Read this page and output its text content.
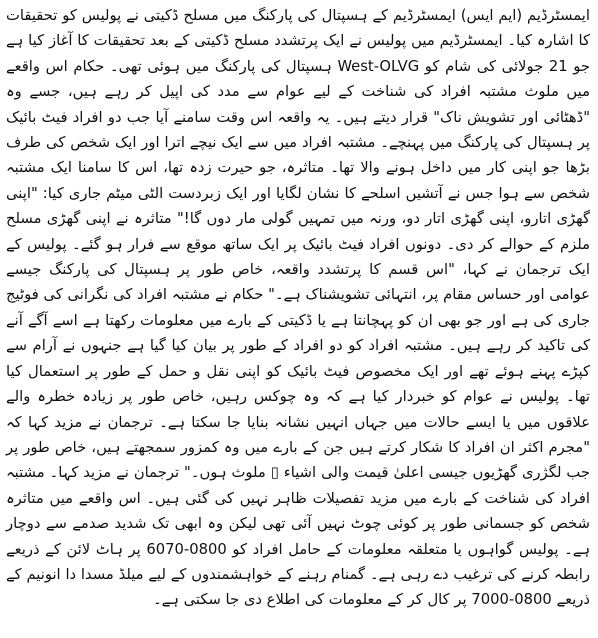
ایمسٹرڈیم (ایم ایس) ایمسٹرڈیم کے ہسپتال کی پارکنگ میں مسلح ڈکیتی نے پولیس کو تحقیقات کا اشارہ کیا۔ ایمسٹرڈیم میں پولیس نے ایک پرتشدد مسلح ڈکیتی کے بعد تحقیقات کا آغاز کیا ہے جو 21 جولائی کی شام کو West-OLVG ہسپتال کی پارکنگ میں ہوئی تھی۔ حکام اس واقعے میں ملوث مشتبہ افراد کی شناخت کے لیے عوام سے مدد کی اپیل کر رہے ہیں، جسے وہ "ڈھٹائی اور تشویش ناک" قرار دیتے ہیں۔ یہ واقعہ اس وقت سامنے آیا جب دو افراد فیٹ بائیک پر ہسپتال کی پارکنگ میں پہنچے۔ مشتبہ افراد میں سے ایک نیچے اترا اور ایک شخص کی طرف بڑھا جو اپنی کار میں داخل ہونے والا تھا۔ متاثرہ، جو حیرت زدہ تھا، اس کا سامنا ایک مشتبہ شخص سے ہوا جس نے آتشیں اسلحے کا نشان لگایا اور ایک زبردست الٹی میٹم جاری کیا: "اپنی گھڑی اتارو، اپنی گھڑی اتار دو، ورنہ میں تمہیں گولی مار دوں گا!" متاثرہ نے اپنی گھڑی مسلح ملزم کے حوالے کر دی۔ دونوں افراد فیٹ بائیک پر ایک ساتھ موقع سے فرار ہو گئے۔ پولیس کے ایک ترجمان نے کہا، "اس قسم کا پرتشدد واقعہ، خاص طور پر ہسپتال کی پارکنگ جیسے عوامی اور حساس مقام پر، انتہائی تشویشناک ہے۔" حکام نے مشتبہ افراد کی نگرانی کی فوٹیج جاری کی ہے اور جو بھی ان کو پہچانتا ہے یا ڈکیتی کے بارے میں معلومات رکھتا ہے اسے آگے آنے کی تاکید کر رہے ہیں۔ مشتبہ افراد کو دو افراد کے طور پر بیان کیا گیا ہے جنہوں نے آرام سے کپڑے پہنے ہوئے تھے اور ایک مخصوص فیٹ بائیک کو اپنی نقل و حمل کے طور پر استعمال کیا تھا۔ پولیس نے عوام کو خبردار کیا ہے کہ وہ چوکس رہیں، خاص طور پر زیادہ خطرہ والے علاقوں میں یا ایسے حالات میں جہاں انہیں نشانہ بنایا جا سکتا ہے۔ ترجمان نے مزید کہا کہ "مجرم اکثر ان افراد کا شکار کرتے ہیں جن کے بارے میں وہ کمزور سمجھتے ہیں، خاص طور پر جب لگژری گھڑیوں جیسی اعلیٰ قیمت والی اشیاء ▯ ملوث ہوں۔" ترجمان نے مزید کہا۔ مشتبہ افراد کی شناخت کے بارے میں مزید تفصیلات ظاہر نہیں کی گئی ہیں۔ اس واقعے میں متاثرہ شخص کو جسمانی طور پر کوئی چوٹ نہیں آئی تھی لیکن وہ ابھی تک شدید صدمے سے دوچار ہے۔ پولیس گواہوں یا متعلقہ معلومات کے حامل افراد کو 0800-6070 پر ہاٹ لائن کے ذریعے رابطہ کرنے کی ترغیب دے رہی ہے۔ گمنام رہنے کے خواہشمندوں کے لیے میلڈ مسدا دا انونیم کے ذریعے 0800-7000 پر کال کر کے معلومات کی اطلاع دی جا سکتی ہے۔
